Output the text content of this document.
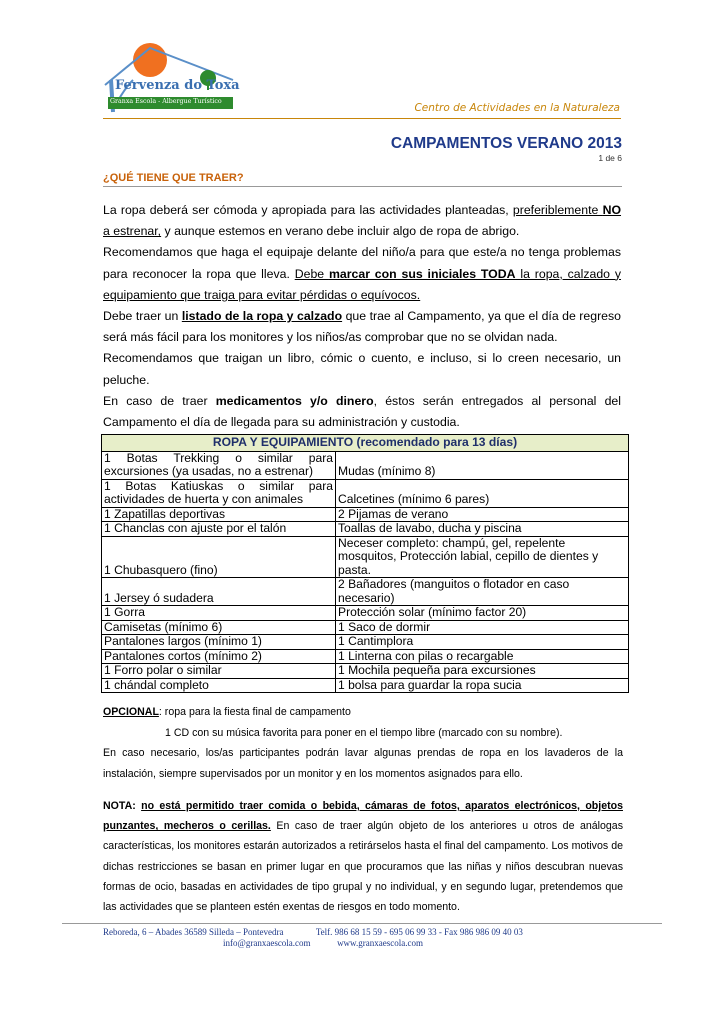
Fervenza do Toxa
Granxa Escola - Albergue Turístico
Centro de Actividades en la Naturaleza
CAMPAMENTOS VERANO 2013
1 de 6
¿QUÉ TIENE QUE TRAER?

La ropa deberá ser cómoda y apropiada para las actividades planteadas, preferiblemente NO a estrenar, y aunque estemos en verano debe incluir algo de ropa de abrigo.

Recomendamos que haga el equipaje delante del niño/a para que este/a no tenga problemas para reconocer la ropa que lleva. Debe marcar con sus iniciales TODA la ropa, calzado y equipamiento que traiga para evitar pérdidas o equívocos.

Debe traer un listado de la ropa y calzado que trae al Campamento, ya que el día de regreso será más fácil para los monitores y los niños/as comprobar que no se olvidan nada.

Recomendamos que traigan un libro, cómic o cuento, e incluso, si lo creen necesario, un peluche.

En caso de traer medicamentos y/o dinero, éstos serán entregados al personal del Campamento el día de llegada para su administración y custodia.

ROPA Y EQUIPAMIENTO (recomendado para 13 días)	
1 Botas Trekking o similar para excursiones (ya usadas, no a estrenar)	Mudas (mínimo 8)
1 Botas Katiuskas o similar para actividades de huerta y con animales	Calcetines (mínimo 6 pares)
1 Zapatillas deportivas	2 Pijamas de verano
1 Chanclas con ajuste por el talón	Toallas de lavabo, ducha y piscina
1 Chubasquero (fino)	Neceser completo: champú, gel, repelente mosquitos, Protección labial, cepillo de dientes y pasta.
1 Jersey ó sudadera	2 Bañadores (manguitos o flotador en caso necesario)
1 Gorra	Protección solar (mínimo factor 20)
Camisetas (mínimo 6)	1 Saco de dormir
Pantalones largos (mínimo 1)	1 Cantimplora
Pantalones cortos (mínimo 2)	1 Linterna con pilas o recargable
1 Forro polar o similar	1 Mochila pequeña para excursiones
1 chándal completo	1 bolsa para guardar la ropa sucia

OPCIONAL: ropa para la fiesta final de campamento

1 CD con su música favorita para poner en el tiempo libre (marcado con su nombre).

En caso necesario, los/as participantes podrán lavar algunas prendas de ropa en los lavaderos de la instalación, siempre supervisados por un monitor y en los momentos asignados para ello.

NOTA: no está permitido traer comida o bebida, cámaras de fotos, aparatos electrónicos, objetos punzantes, mecheros o cerillas. En caso de traer algún objeto de los anteriores u otros de análogas características, los monitores estarán autorizados a retirárselos hasta el final del campamento. Los motivos de dichas restricciones se basan en primer lugar en que procuramos que las niñas y niños descubran nuevas formas de ocio, basadas en actividades de tipo grupal y no individual, y en segundo lugar, pretendemos que las actividades que se planteen estén exentas de riesgos en todo momento.

Reboreda, 6 – Abades 36589 Silleda – Pontevedra	Telf. 986 68 15 59 - 695 06 99 33 - Fax 986 986 09 40 03
info@granxaescola.com	www.granxaescola.com
